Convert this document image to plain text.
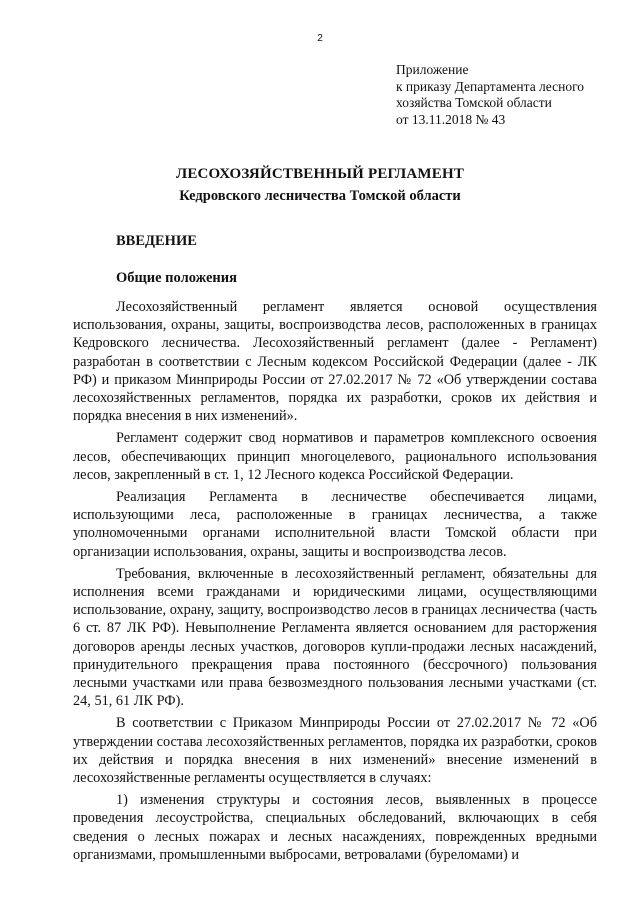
2
Приложение
к приказу Департамента лесного
хозяйства Томской области
от 13.11.2018 № 43
ЛЕСОХОЗЯЙСТВЕННЫЙ РЕГЛАМЕНТ
Кедровского лесничества Томской области
ВВЕДЕНИЕ
Общие положения

Лесохозяйственный регламент является основой осуществления использования, охраны, защиты, воспроизводства лесов, расположенных в границах Кедровского лесничества. Лесохозяйственный регламент (далее - Регламент) разработан в соответствии с Лесным кодексом Российской Федерации (далее - ЛК РФ) и приказом Минприроды России от 27.02.2017 № 72 «Об утверждении состава лесохозяйственных регламентов, порядка их разработки, сроков их действия и порядка внесения в них изменений».

Регламент содержит свод нормативов и параметров комплексного освоения лесов, обеспечивающих принцип многоцелевого, рационального использования лесов, закрепленный в ст. 1, 12 Лесного кодекса Российской Федерации.

Реализация Регламента в лесничестве обеспечивается лицами, использующими леса, расположенные в границах лесничества, а также уполномоченными органами исполнительной власти Томской области при организации использования, охраны, защиты и воспроизводства лесов.

Требования, включенные в лесохозяйственный регламент, обязательны для исполнения всеми гражданами и юридическими лицами, осуществляющими использование, охрану, защиту, воспроизводство лесов в границах лесничества (часть 6 ст. 87 ЛК РФ). Невыполнение Регламента является основанием для расторжения договоров аренды лесных участков, договоров купли-продажи лесных насаждений, принудительного прекращения права постоянного (бессрочного) пользования лесными участками или права безвозмездного пользования лесными участками (ст. 24, 51, 61 ЛК РФ).

В соответствии с Приказом Минприроды России от 27.02.2017 № 72 «Об утверждении состава лесохозяйственных регламентов, порядка их разработки, сроков их действия и порядка внесения в них изменений» внесение изменений в лесохозяйственные регламенты осуществляется в случаях:

1) изменения структуры и состояния лесов, выявленных в процессе проведения лесоустройства, специальных обследований, включающих в себя сведения о лесных пожарах и лесных насаждениях, поврежденных вредными организмами, промышленными выбросами, ветровалами (буреломами) и
